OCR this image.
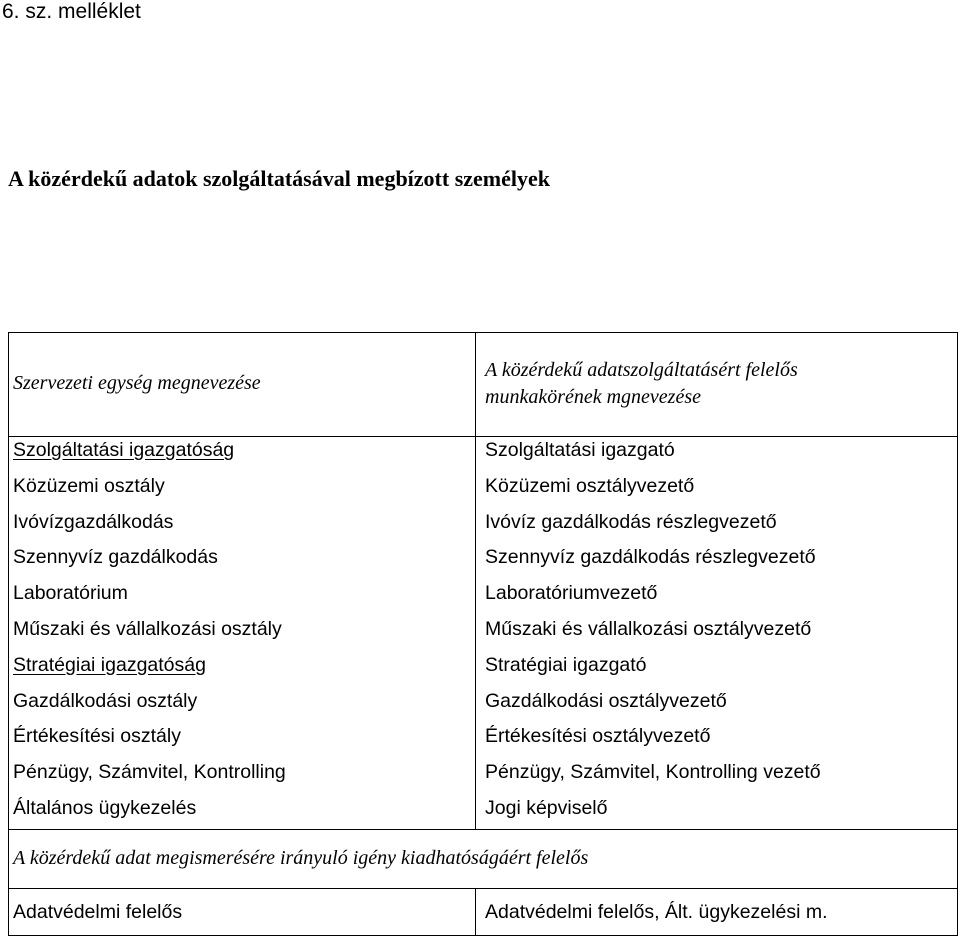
6. sz. melléklet
A közérdekű adatok szolgáltatásával megbízott személyek
Szervezeti egység megnevezése
A közérdekű adatszolgáltatásért felelős
munkakörének mgnevezése
Szolgáltatási igazgatóság
Közüzemi osztály
Ivóvízgazdálkodás
Szennyvíz gazdálkodás
Laboratórium
Műszaki és vállalkozási osztály
Stratégiai igazgatóság
Gazdálkodási osztály
Értékesítési osztály
Pénzügy, Számvitel, Kontrolling
Általános ügykezelés
Szolgáltatási igazgató
Közüzemi osztályvezető
Ivóvíz gazdálkodás részlegvezető
Szennyvíz gazdálkodás részlegvezető
Laboratóriumvezető
Műszaki és vállalkozási osztályvezető
Stratégiai igazgató
Gazdálkodási osztályvezető
Értékesítési osztályvezető
Pénzügy, Számvitel, Kontrolling vezető
Jogi képviselő
A közérdekű adat megismerésére irányuló igény kiadhatóságáért felelős
Adatvédelmi felelős	Adatvédelmi felelős, Ált. ügykezelési m.
